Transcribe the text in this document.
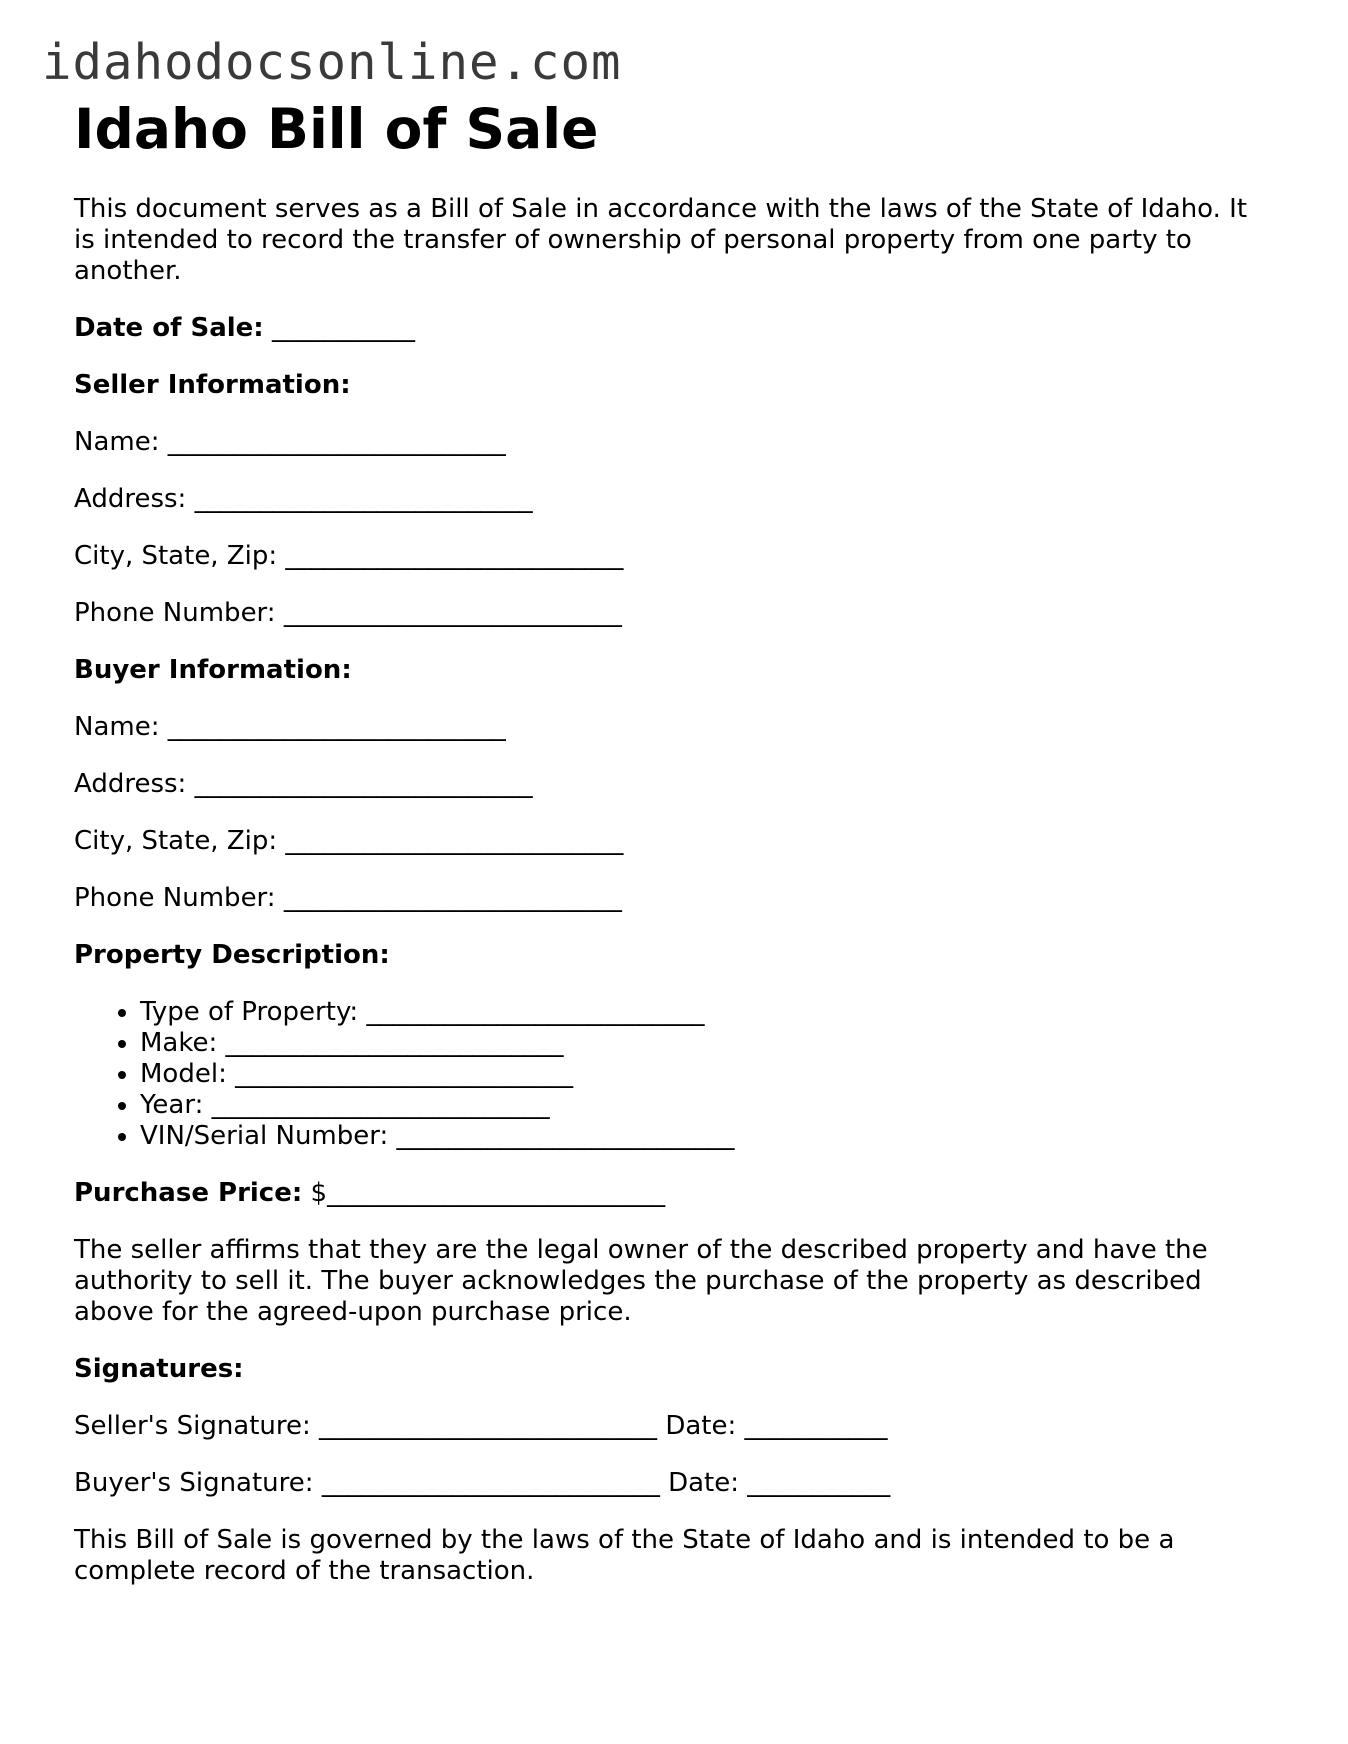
idahodocsonline.com
Idaho Bill of Sale

This document serves as a Bill of Sale in accordance with the laws of the State of Idaho. It is intended to record the transfer of ownership of personal property from one party to another.

Date of Sale: ___________

Seller Information:

Name: __________________________

Address: __________________________

City, State, Zip: __________________________

Phone Number: __________________________

Buyer Information:

Name: __________________________

Address: __________________________

City, State, Zip: __________________________

Phone Number: __________________________

Property Description:

• Type of Property: __________________________
• Make: __________________________
• Model: __________________________
• Year: __________________________
• VIN/Serial Number: __________________________

Purchase Price: $__________________________

The seller affirms that they are the legal owner of the described property and have the authority to sell it. The buyer acknowledges the purchase of the property as described above for the agreed-upon purchase price.

Signatures:

Seller's Signature: __________________________ Date: ___________

Buyer's Signature: __________________________ Date: ___________

This Bill of Sale is governed by the laws of the State of Idaho and is intended to be a complete record of the transaction.
